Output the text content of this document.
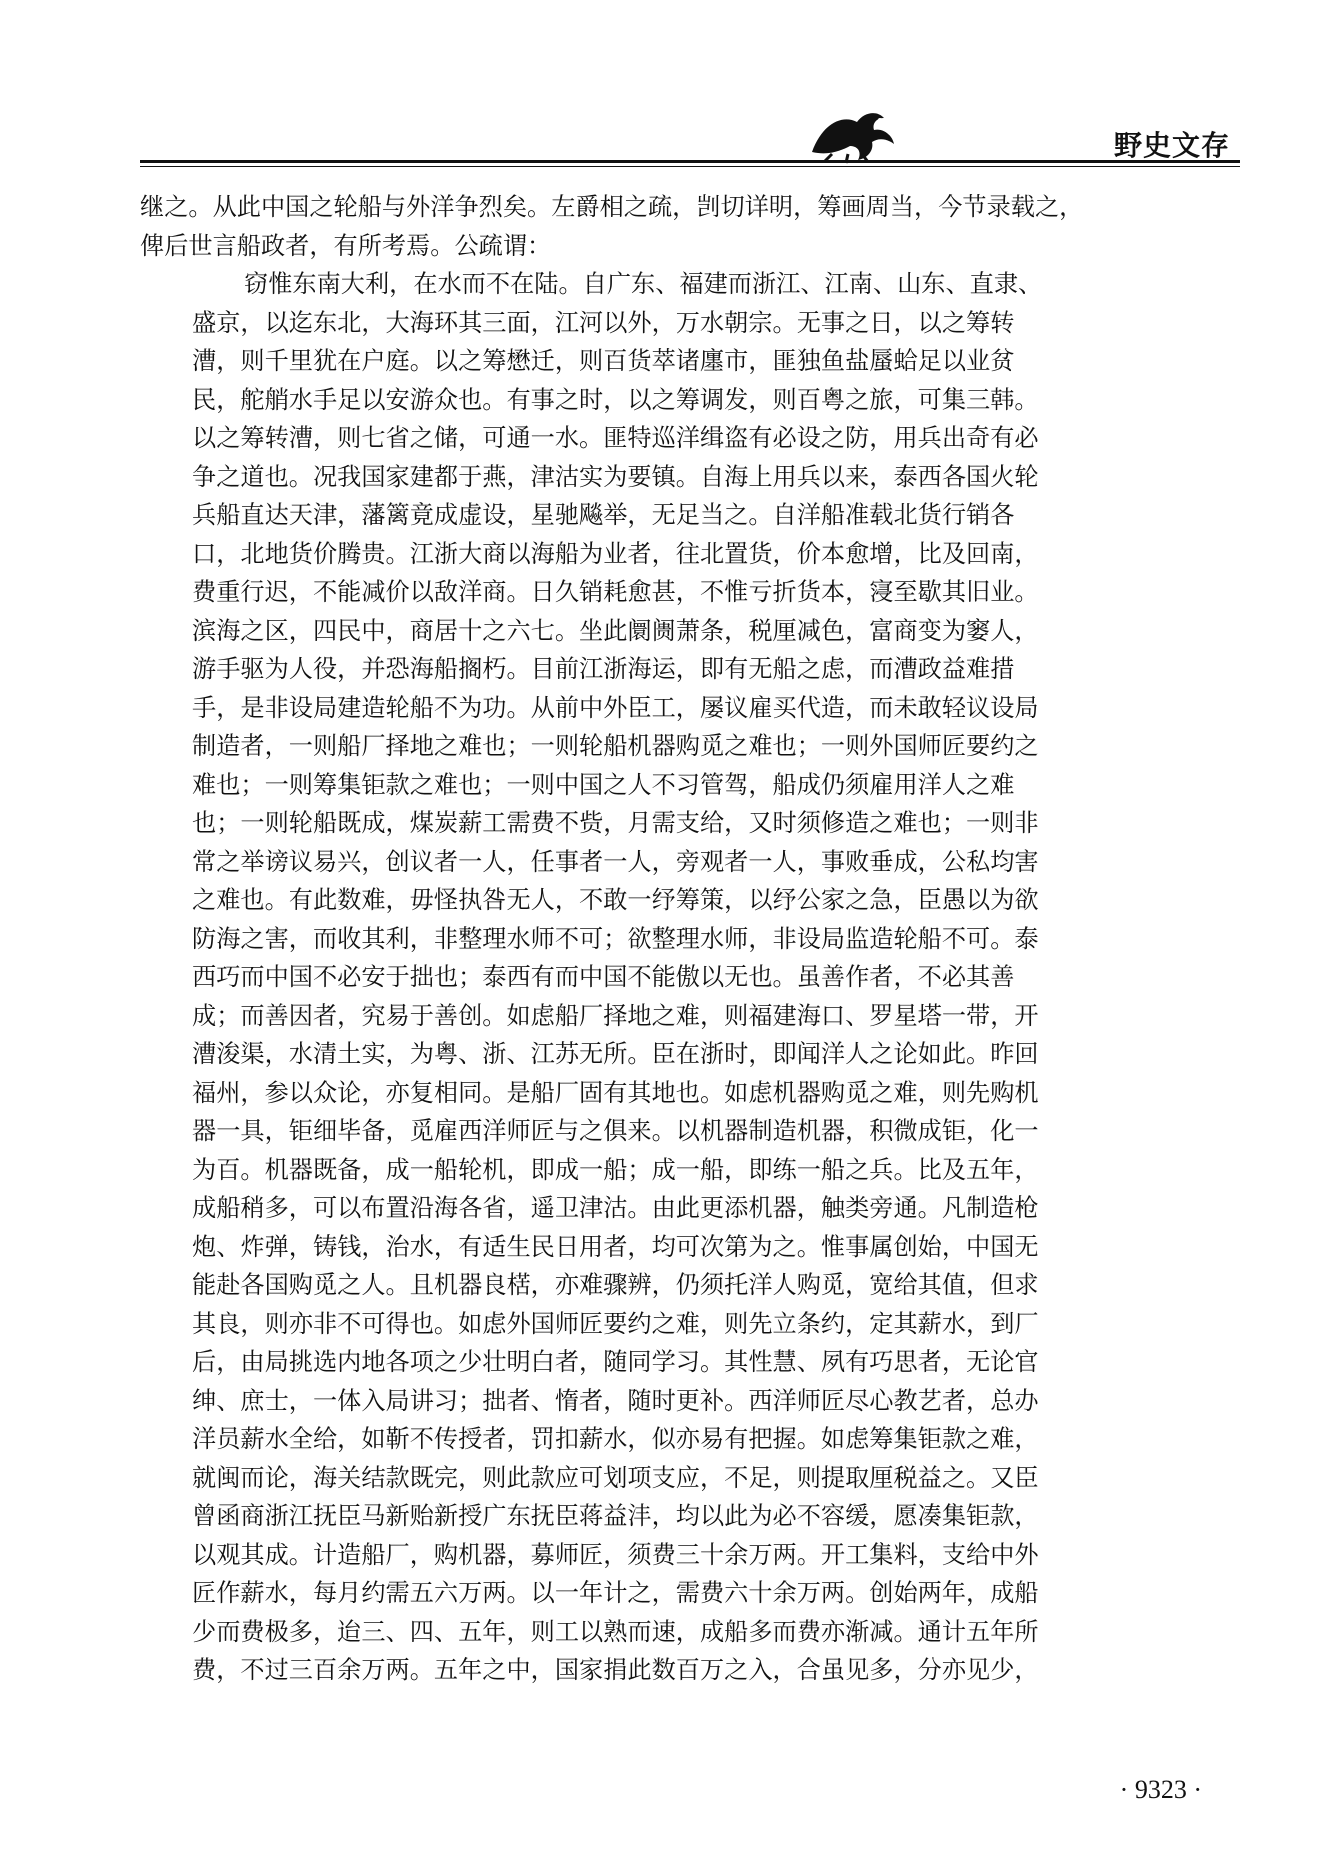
野史文存
继之。从此中国之轮船与外洋争烈矣。左爵相之疏，剀切详明，筹画周当，今节录载之，
俾后世言船政者，有所考焉。公疏谓：
窃惟东南大利，在水而不在陆。自广东、福建而浙江、江南、山东、直隶、
盛京，以迄东北，大海环其三面，江河以外，万水朝宗。无事之日，以之筹转
漕，则千里犹在户庭。以之筹懋迁，则百货萃诸廛市，匪独鱼盐蜃蛤足以业贫
民，舵艄水手足以安游众也。有事之时，以之筹调发，则百粤之旅，可集三韩。
以之筹转漕，则七省之储，可通一水。匪特巡洋缉盗有必设之防，用兵出奇有必
争之道也。况我国家建都于燕，津沽实为要镇。自海上用兵以来，泰西各国火轮
兵船直达天津，藩篱竟成虚设，星驰飚举，无足当之。自洋船准载北货行销各
口，北地货价腾贵。江浙大商以海船为业者，往北置货，价本愈增，比及回南，
费重行迟，不能减价以敌洋商。日久销耗愈甚，不惟亏折货本，寖至歇其旧业。
滨海之区，四民中，商居十之六七。坐此阛阓萧条，税厘减色，富商变为窭人，
游手驱为人役，并恐海船搁朽。目前江浙海运，即有无船之虑，而漕政益难措
手，是非设局建造轮船不为功。从前中外臣工，屡议雇买代造，而未敢轻议设局
制造者，一则船厂择地之难也；一则轮船机器购觅之难也；一则外国师匠要约之
难也；一则筹集钜款之难也；一则中国之人不习管驾，船成仍须雇用洋人之难
也；一则轮船既成，煤炭薪工需费不赀，月需支给，又时须修造之难也；一则非
常之举谤议易兴，创议者一人，任事者一人，旁观者一人，事败垂成，公私均害
之难也。有此数难，毋怪执咎无人，不敢一纾筹策，以纾公家之急，臣愚以为欲
防海之害，而收其利，非整理水师不可；欲整理水师，非设局监造轮船不可。泰
西巧而中国不必安于拙也；泰西有而中国不能傲以无也。虽善作者，不必其善
成；而善因者，究易于善创。如虑船厂择地之难，则福建海口、罗星塔一带，开
漕浚渠，水清土实，为粤、浙、江苏无所。臣在浙时，即闻洋人之论如此。昨回
福州，参以众论，亦复相同。是船厂固有其地也。如虑机器购觅之难，则先购机
器一具，钜细毕备，觅雇西洋师匠与之俱来。以机器制造机器，积微成钜，化一
为百。机器既备，成一船轮机，即成一船；成一船，即练一船之兵。比及五年，
成船稍多，可以布置沿海各省，遥卫津沽。由此更添机器，触类旁通。凡制造枪
炮、炸弹，铸钱，治水，有适生民日用者，均可次第为之。惟事属创始，中国无
能赴各国购觅之人。且机器良楛，亦难骤辨，仍须托洋人购觅，宽给其值，但求
其良，则亦非不可得也。如虑外国师匠要约之难，则先立条约，定其薪水，到厂
后，由局挑选内地各项之少壮明白者，随同学习。其性慧、夙有巧思者，无论官
绅、庶士，一体入局讲习；拙者、惰者，随时更补。西洋师匠尽心教艺者，总办
洋员薪水全给，如靳不传授者，罚扣薪水，似亦易有把握。如虑筹集钜款之难，
就闽而论，海关结款既完，则此款应可划项支应，不足，则提取厘税益之。又臣
曾函商浙江抚臣马新贻新授广东抚臣蒋益沣，均以此为必不容缓，愿凑集钜款，
以观其成。计造船厂，购机器，募师匠，须费三十余万两。开工集料，支给中外
匠作薪水，每月约需五六万两。以一年计之，需费六十余万两。创始两年，成船
少而费极多，迨三、四、五年，则工以熟而速，成船多而费亦渐减。通计五年所
费，不过三百余万两。五年之中，国家捐此数百万之入，合虽见多，分亦见少，
· 9323 ·
